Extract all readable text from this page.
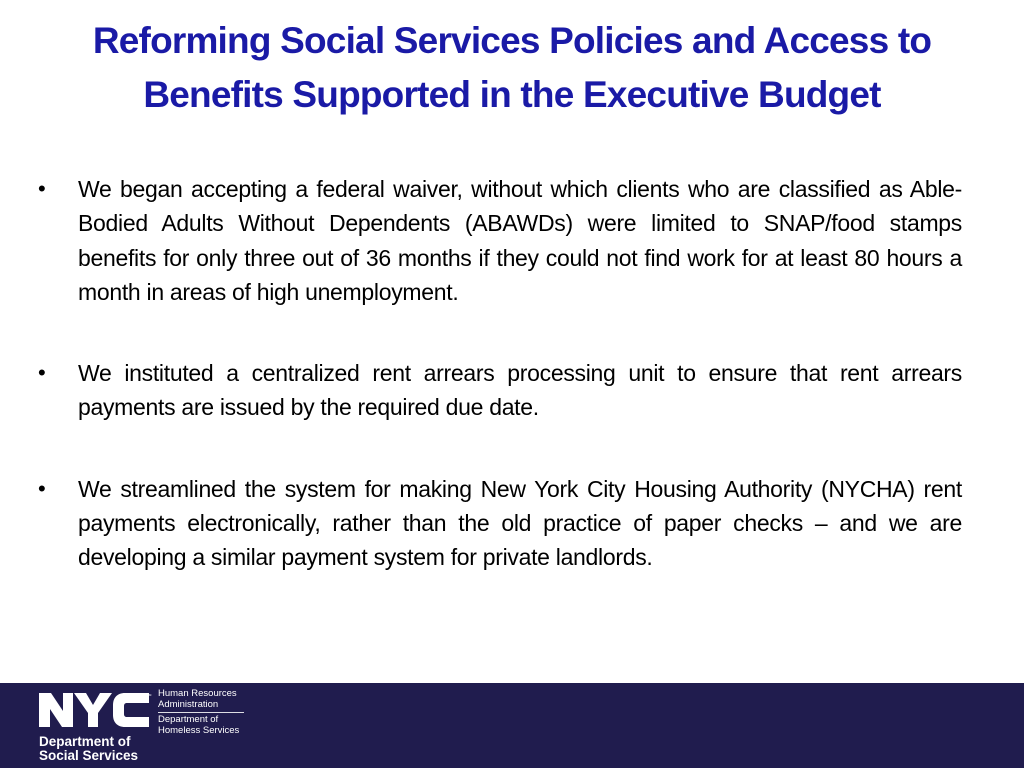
Reforming Social Services Policies and Access to
Benefits Supported in the Executive Budget
• We began accepting a federal waiver, without which clients who are classified as Able-Bodied Adults Without Dependents (ABAWDs) were limited to SNAP/food stamps benefits for only three out of 36 months if they could not find work for at least 80 hours a month in areas of high unemployment.
• We instituted a centralized rent arrears processing unit to ensure that rent arrears payments are issued by the required due date.
• We streamlined the system for making New York City Housing Authority (NYCHA) rent payments electronically, rather than the old practice of paper checks – and we are developing a similar payment system for private landlords.
TM Human Resources
Administration
Department of
Homeless Services
Department of
Social Services
